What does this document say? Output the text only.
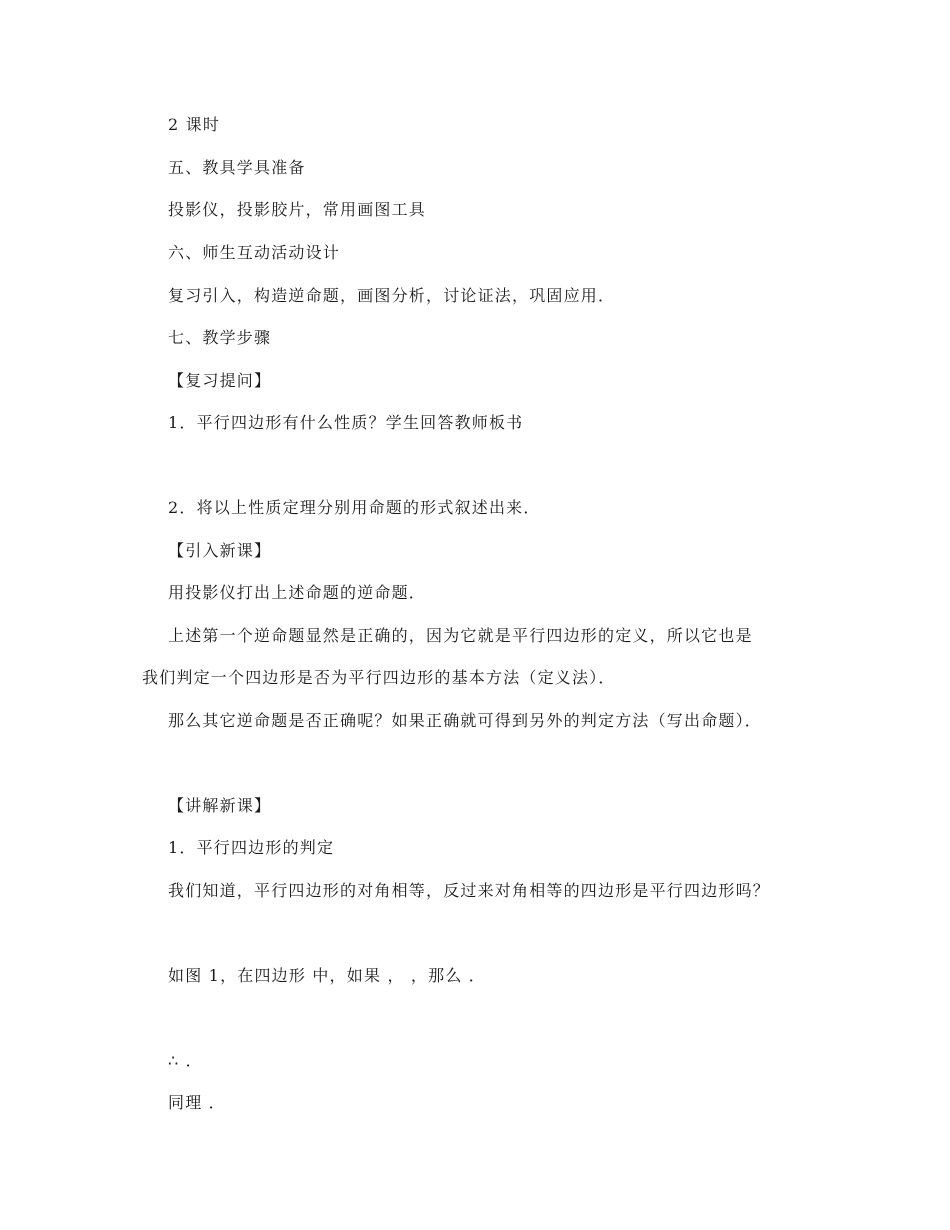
2 课时
五、教具学具准备
投影仪，投影胶片，常用画图工具
六、师生互动活动设计
复习引入，构造逆命题，画图分析，讨论证法，巩固应用．
七、教学步骤
【复习提问】
1．平行四边形有什么性质？学生回答教师板书
2．将以上性质定理分别用命题的形式叙述出来．
【引入新课】
用投影仪打出上述命题的逆命题．
上述第一个逆命题显然是正确的，因为它就是平行四边形的定义，所以它也是
我们判定一个四边形是否为平行四边形的基本方法（定义法）．
那么其它逆命题是否正确呢？如果正确就可得到另外的判定方法（写出命题）．
【讲解新课】
1．平行四边形的判定
我们知道，平行四边形的对角相等，反过来对角相等的四边形是平行四边形吗？
如图 1，在四边形 中，如果 ， ，那么 ．
∴ ．
同理 ．
